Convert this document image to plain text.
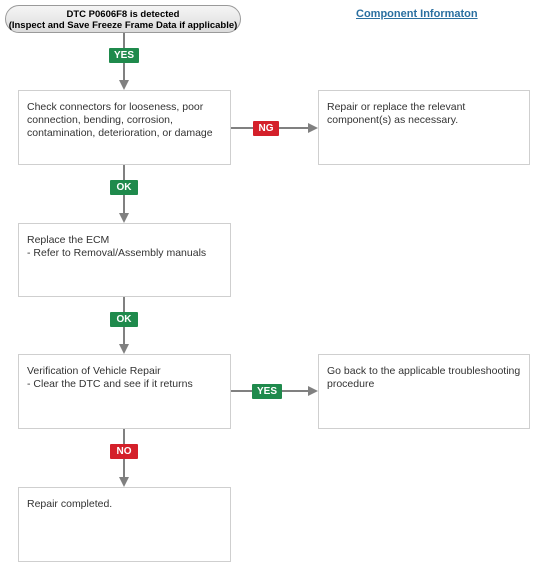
DTC P0606F8 is detected
(Inspect and Save Freeze Frame Data if applicable)
Component Informaton
Check connectors for looseness, poor
connection, bending, corrosion,
contamination, deterioration, or damage
Repair or replace the relevant
component(s) as necessary.
Replace the ECM
- Refer to Removal/Assembly manuals
Verification of Vehicle Repair
- Clear the DTC and see if it returns
Go back to the applicable troubleshooting
procedure
Repair completed.
YES
NG
OK
OK
YES
NO
